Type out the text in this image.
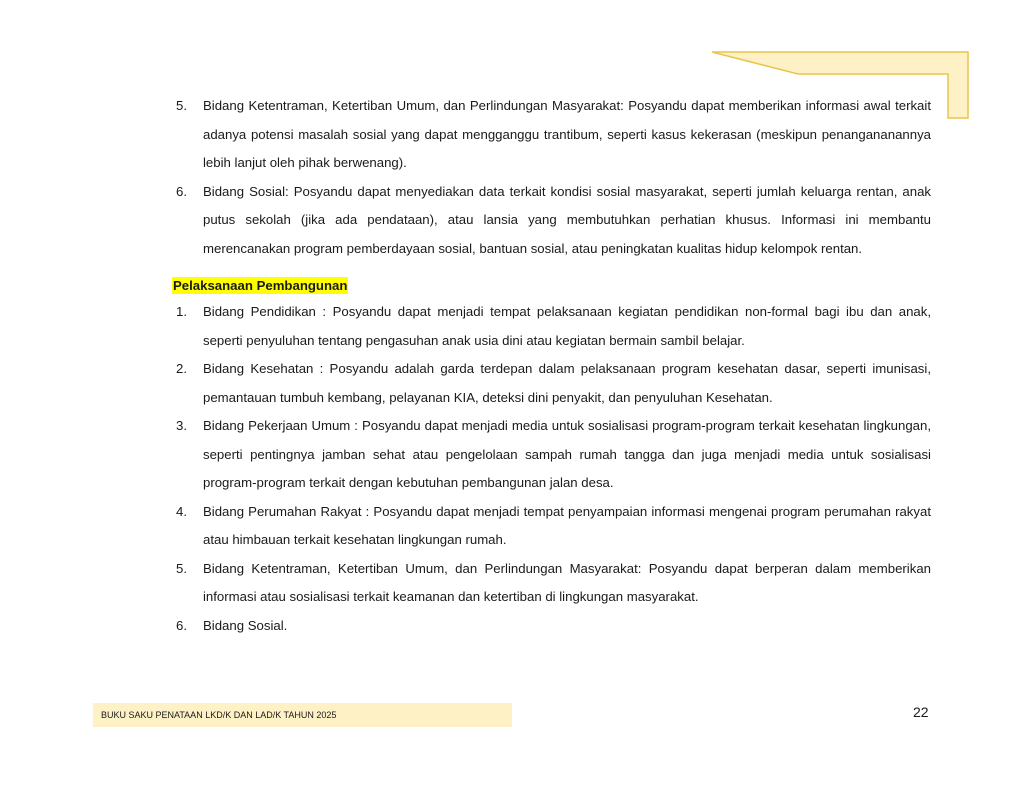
5. Bidang Ketentraman, Ketertiban Umum, dan Perlindungan Masyarakat: Posyandu dapat memberikan informasi awal terkait adanya potensi masalah sosial yang dapat mengganggu trantibum, seperti kasus kekerasan (meskipun penangananannya lebih lanjut oleh pihak berwenang).
6. Bidang Sosial: Posyandu dapat menyediakan data terkait kondisi sosial masyarakat, seperti jumlah keluarga rentan, anak putus sekolah (jika ada pendataan), atau lansia yang membutuhkan perhatian khusus. Informasi ini membantu merencanakan program pemberdayaan sosial, bantuan sosial, atau peningkatan kualitas hidup kelompok rentan.
Pelaksanaan Pembangunan
1. Bidang Pendidikan : Posyandu dapat menjadi tempat pelaksanaan kegiatan pendidikan non-formal bagi ibu dan anak, seperti penyuluhan tentang pengasuhan anak usia dini atau kegiatan bermain sambil belajar.
2. Bidang Kesehatan : Posyandu adalah garda terdepan dalam pelaksanaan program kesehatan dasar, seperti imunisasi, pemantauan tumbuh kembang, pelayanan KIA, deteksi dini penyakit, dan penyuluhan Kesehatan.
3. Bidang Pekerjaan Umum : Posyandu dapat menjadi media untuk sosialisasi program-program terkait kesehatan lingkungan, seperti pentingnya jamban sehat atau pengelolaan sampah rumah tangga dan juga menjadi media untuk sosialisasi program-program terkait dengan kebutuhan pembangunan jalan desa.
4. Bidang Perumahan Rakyat : Posyandu dapat menjadi tempat penyampaian informasi mengenai program perumahan rakyat atau himbauan terkait kesehatan lingkungan rumah.
5. Bidang Ketentraman, Ketertiban Umum, dan Perlindungan Masyarakat: Posyandu dapat berperan dalam memberikan informasi atau sosialisasi terkait keamanan dan ketertiban di lingkungan masyarakat.
6. Bidang Sosial.
BUKU SAKU PENATAAN LKD/K DAN LAD/K TAHUN 2025	22
